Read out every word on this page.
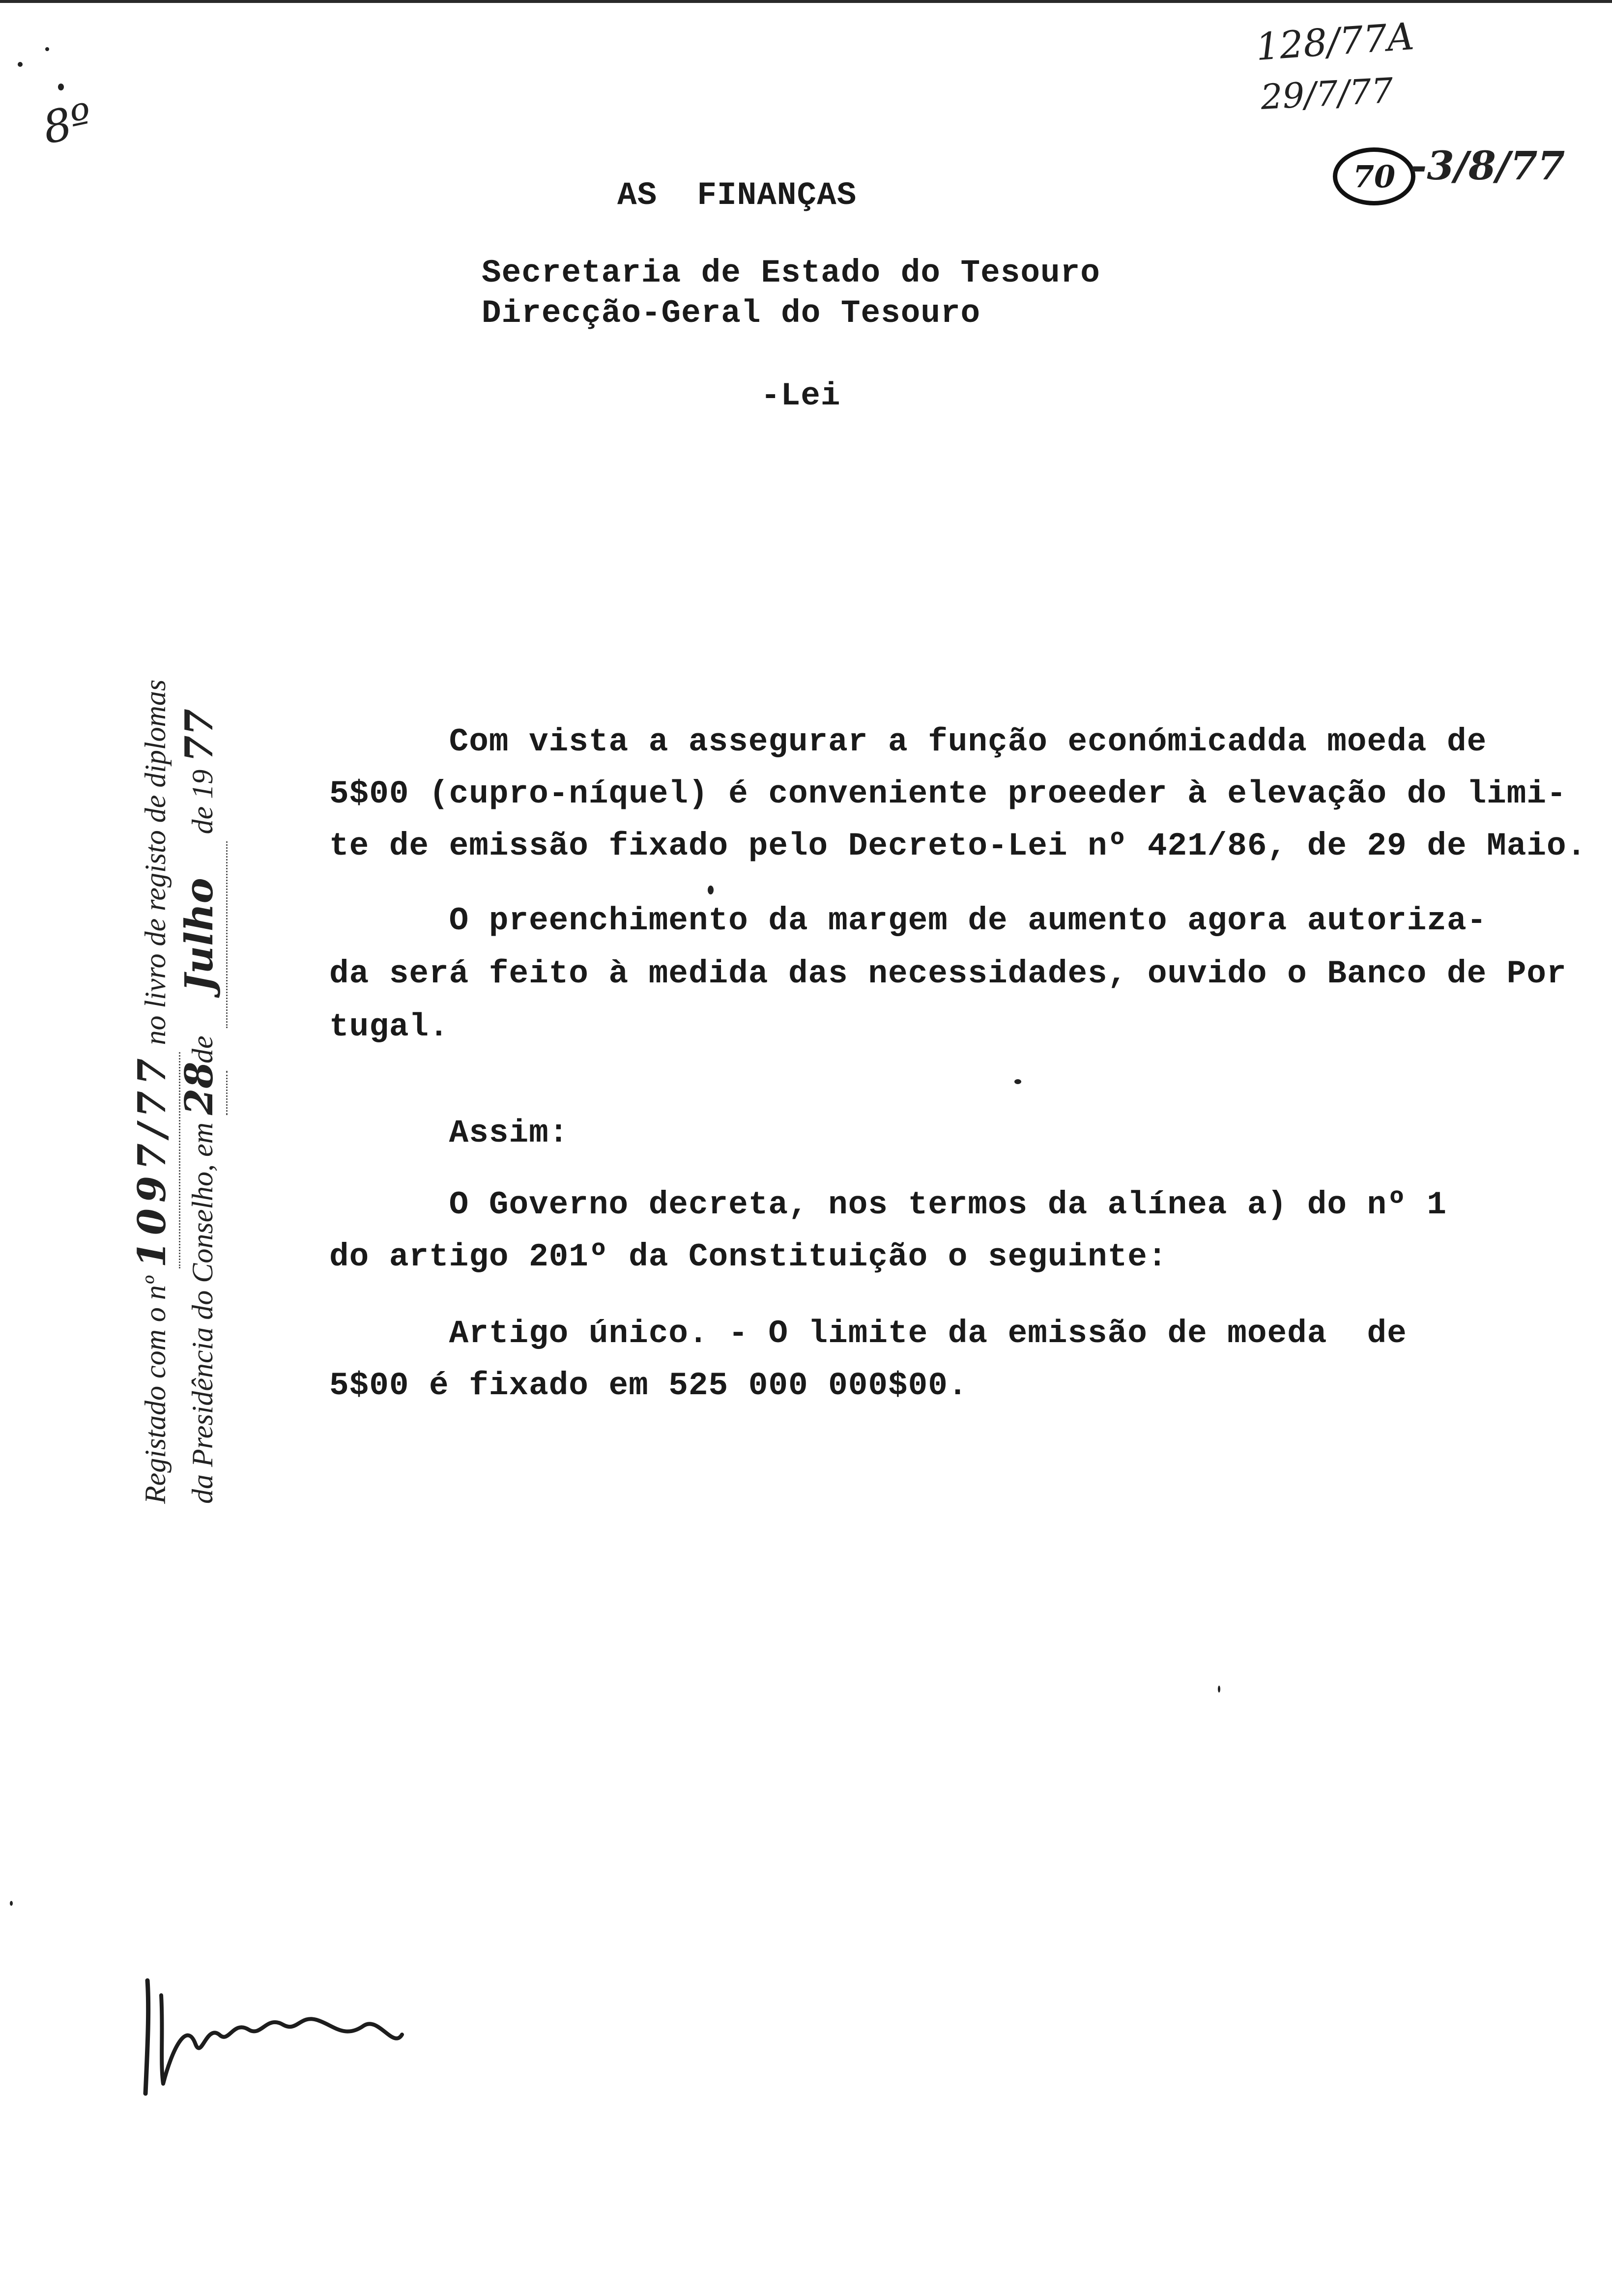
AS  FINANÇAS
Secretaria de Estado do Tesouro
Direcção-Geral do Tesouro
-Lei
Com vista a assegurar a função económicadda moeda de
5$00 (cupro-níquel) é conveniente proeeder à elevação do limi-
te de emissão fixado pelo Decreto-Lei nº 421/86, de 29 de Maio.
O preenchimento da margem de aumento agora autoriza-
da será feito à medida das necessidades, ouvido o Banco de Por
tugal.
Assim:
O Governo decreta, nos termos da alínea a) do nº 1
do artigo 201º da Constituição o seguinte:
Artigo único. - O limite da emissão de moeda  de
5$00 é fixado em 525 000 000$00.
128/77A
29/7/77
70 -3/8/77
8º
Registado com o nº 1097/77 no livro de registo de diplomas
da Presidência do Conselho, em 28 de Julho de 19 77
